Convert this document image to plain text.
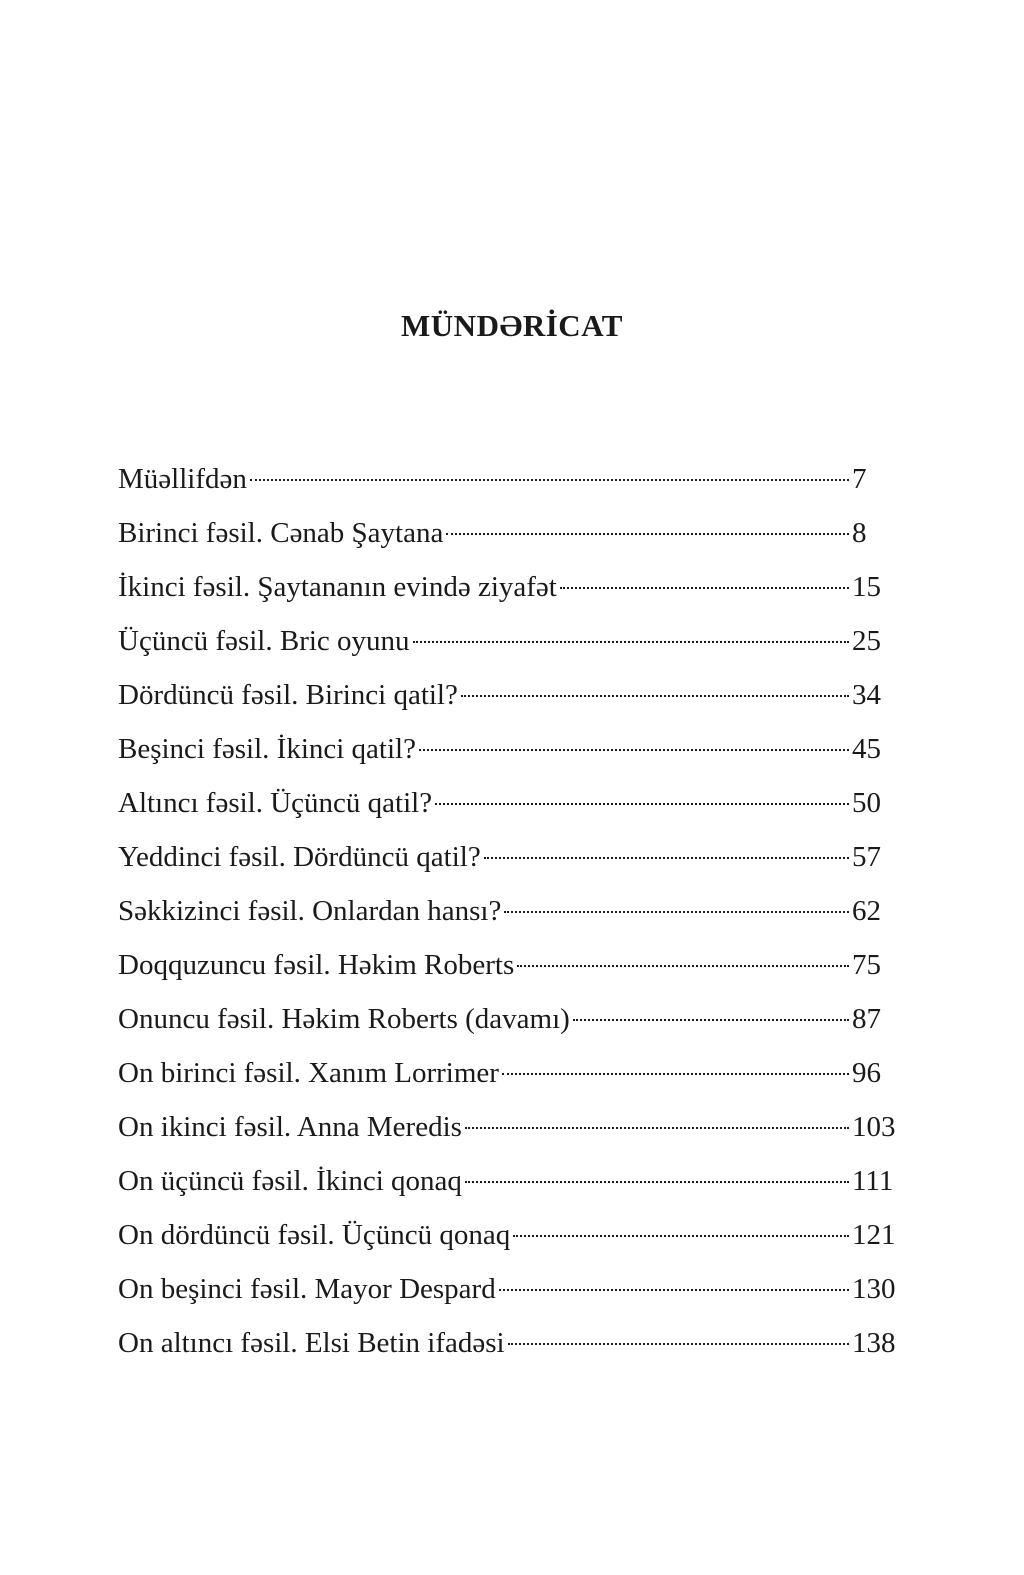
MÜNDƏRİCAT
Müəllifdən	7
Birinci fəsil. Cənab Şaytana	8
İkinci fəsil. Şaytananın evində ziyafət	15
Üçüncü fəsil. Bric oyunu	25
Dördüncü fəsil. Birinci qatil?	34
Beşinci fəsil. İkinci qatil?	45
Altıncı fəsil. Üçüncü qatil?	50
Yeddinci fəsil. Dördüncü qatil?	57
Səkkizinci fəsil. Onlardan hansı?	62
Doqquzuncu fəsil. Həkim Roberts	75
Onuncu fəsil. Həkim Roberts (davamı)	87
On birinci fəsil. Xanım Lorrimer	96
On ikinci fəsil. Anna Meredis	103
On üçüncü fəsil. İkinci qonaq	111
On dördüncü fəsil. Üçüncü qonaq	121
On beşinci fəsil. Mayor Despard	130
On altıncı fəsil. Elsi Betin ifadəsi	138
